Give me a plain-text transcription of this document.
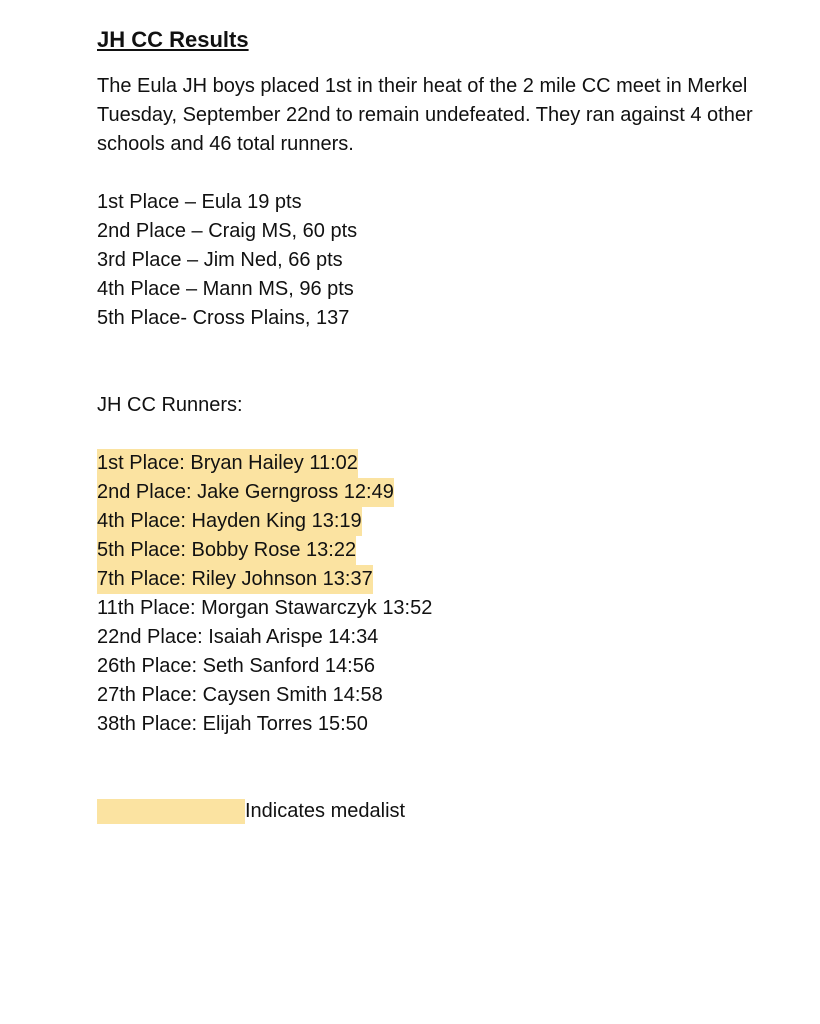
JH CC Results

The Eula JH boys placed 1st in their heat of the 2 mile CC meet in Merkel Tuesday, September 22nd to remain undefeated. They ran against 4 other schools and 46 total runners.

1st Place – Eula 19 pts
2nd Place – Craig MS, 60 pts
3rd Place – Jim Ned, 66 pts
4th Place – Mann MS, 96 pts
5th Place- Cross Plains, 137
JH CC Runners:
1st Place: Bryan Hailey 11:02
2nd Place: Jake Gerngross 12:49
4th Place: Hayden King 13:19
5th Place: Bobby Rose 13:22
7th Place: Riley Johnson 13:37
11th Place: Morgan Stawarczyk 13:52
22nd Place: Isaiah Arispe 14:34
26th Place: Seth Sanford 14:56
27th Place: Caysen Smith 14:58
38th Place: Elijah Torres 15:50
Indicates medalist
